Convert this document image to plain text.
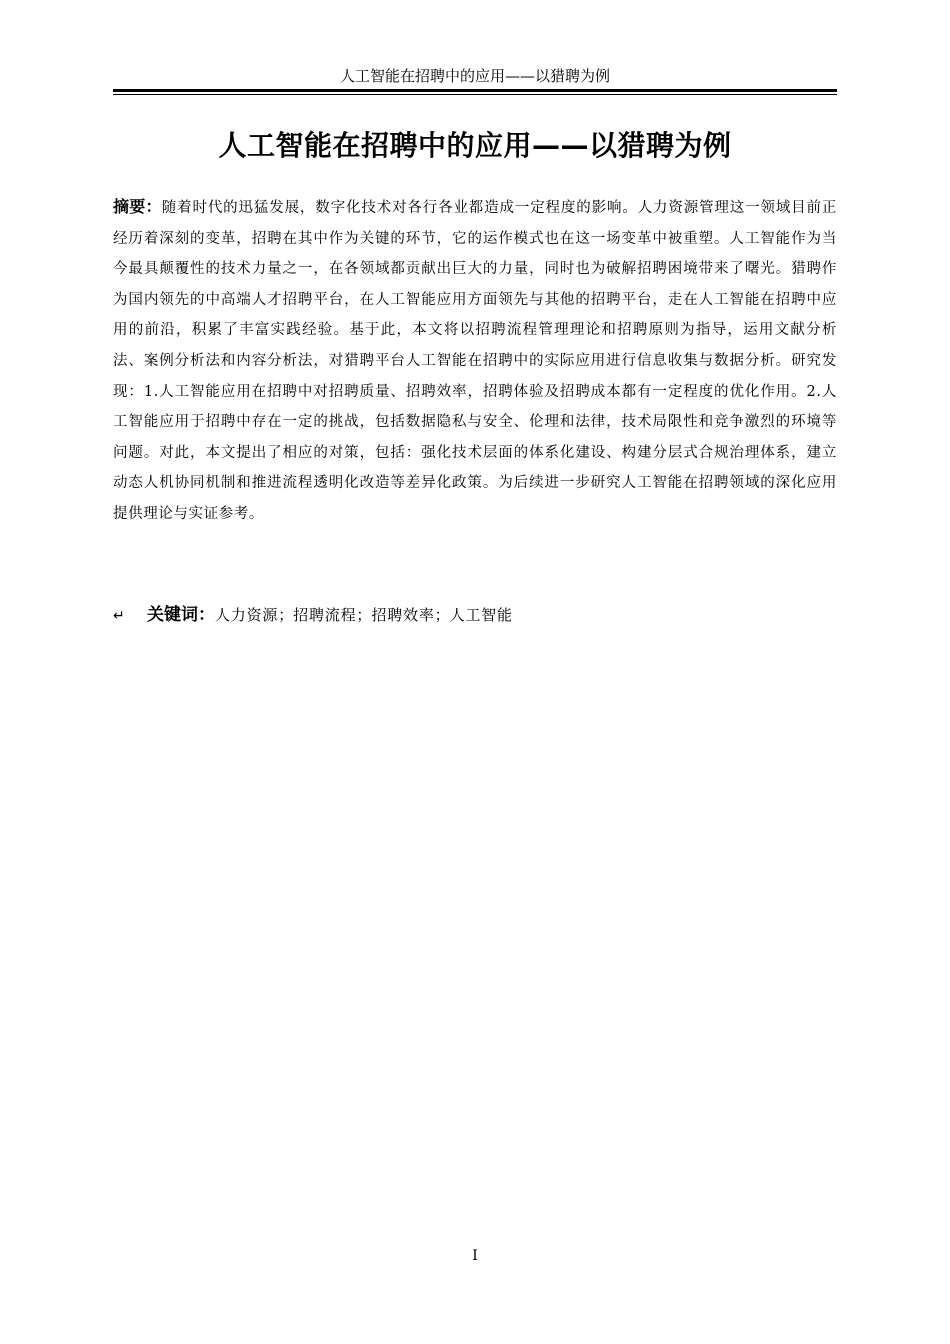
人工智能在招聘中的应用——以猎聘为例
人工智能在招聘中的应用——以猎聘为例
摘要：随着时代的迅猛发展，数字化技术对各行各业都造成一定程度的影响。人力资源管理这一领域目前正经历着深刻的变革，招聘在其中作为关键的环节，它的运作模式也在这一场变革中被重塑。人工智能作为当今最具颠覆性的技术力量之一，在各领域都贡献出巨大的力量，同时也为破解招聘困境带来了曙光。猎聘作为国内领先的中高端人才招聘平台，在人工智能应用方面领先与其他的招聘平台，走在人工智能在招聘中应用的前沿，积累了丰富实践经验。基于此，本文将以招聘流程管理理论和招聘原则为指导，运用文献分析法、案例分析法和内容分析法，对猎聘平台人工智能在招聘中的实际应用进行信息收集与数据分析。研究发现：1.人工智能应用在招聘中对招聘质量、招聘效率，招聘体验及招聘成本都有一定程度的优化作用。2.人工智能应用于招聘中存在一定的挑战，包括数据隐私与安全、伦理和法律，技术局限性和竞争激烈的环境等问题。对此，本文提出了相应的对策，包括：强化技术层面的体系化建设、构建分层式合规治理体系，建立动态人机协同机制和推进流程透明化改造等差异化政策。为后续进一步研究人工智能在招聘领域的深化应用提供理论与实证参考。
↵ 关键词：人力资源；招聘流程；招聘效率；人工智能
I
